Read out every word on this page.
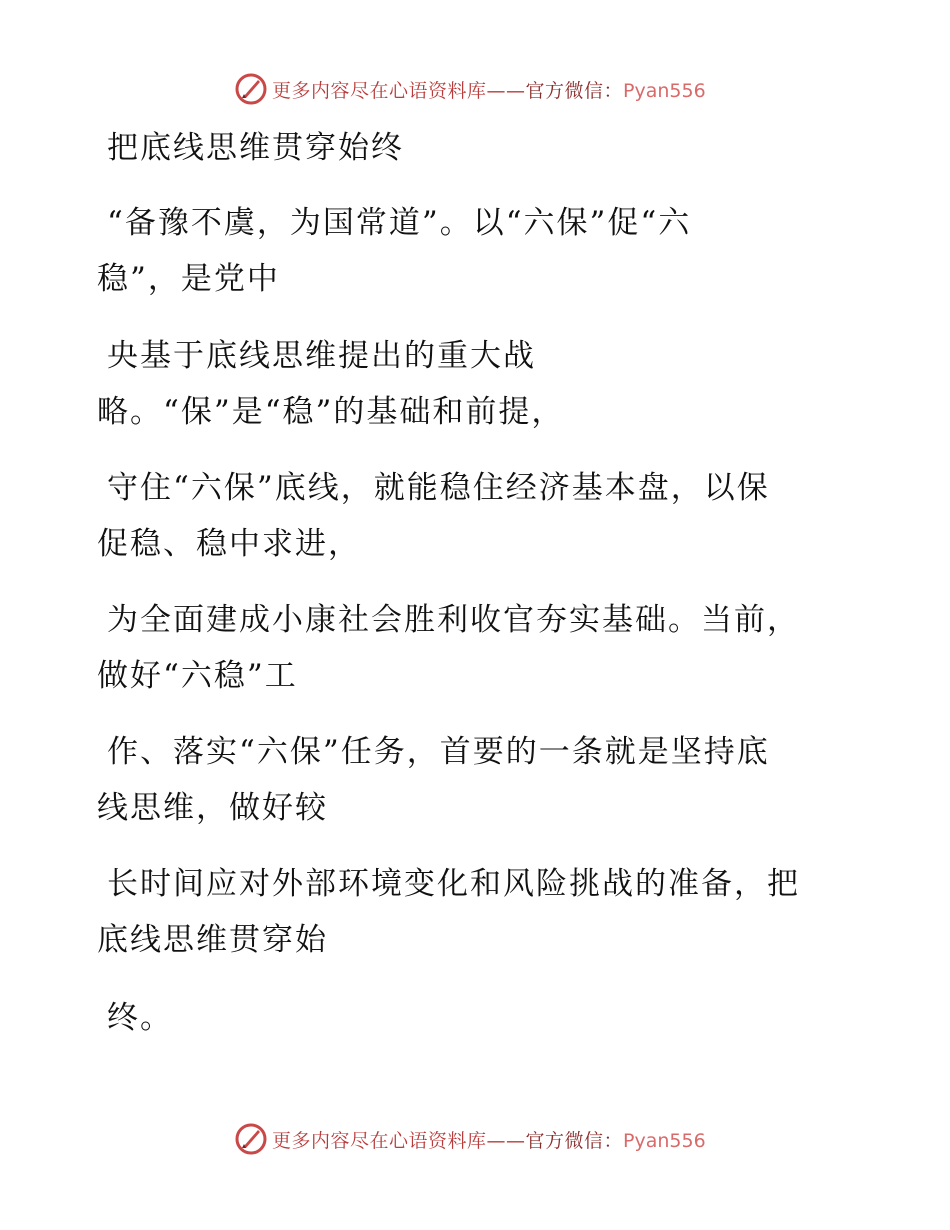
更多内容尽在心语资料库——官方微信：Pyan556
把底线思维贯穿始终
“备豫不虞，为国常道”。以“六保”促“六
稳”，是党中
央基于底线思维提出的重大战
略。“保”是“稳”的基础和前提，
守住“六保”底线，就能稳住经济基本盘，以保
促稳、稳中求进，
为全面建成小康社会胜利收官夯实基础。当前，
做好“六稳”工
作、落实“六保”任务，首要的一条就是坚持底
线思维，做好较
长时间应对外部环境变化和风险挑战的准备，把
底线思维贯穿始
终。
更多内容尽在心语资料库——官方微信：Pyan556
